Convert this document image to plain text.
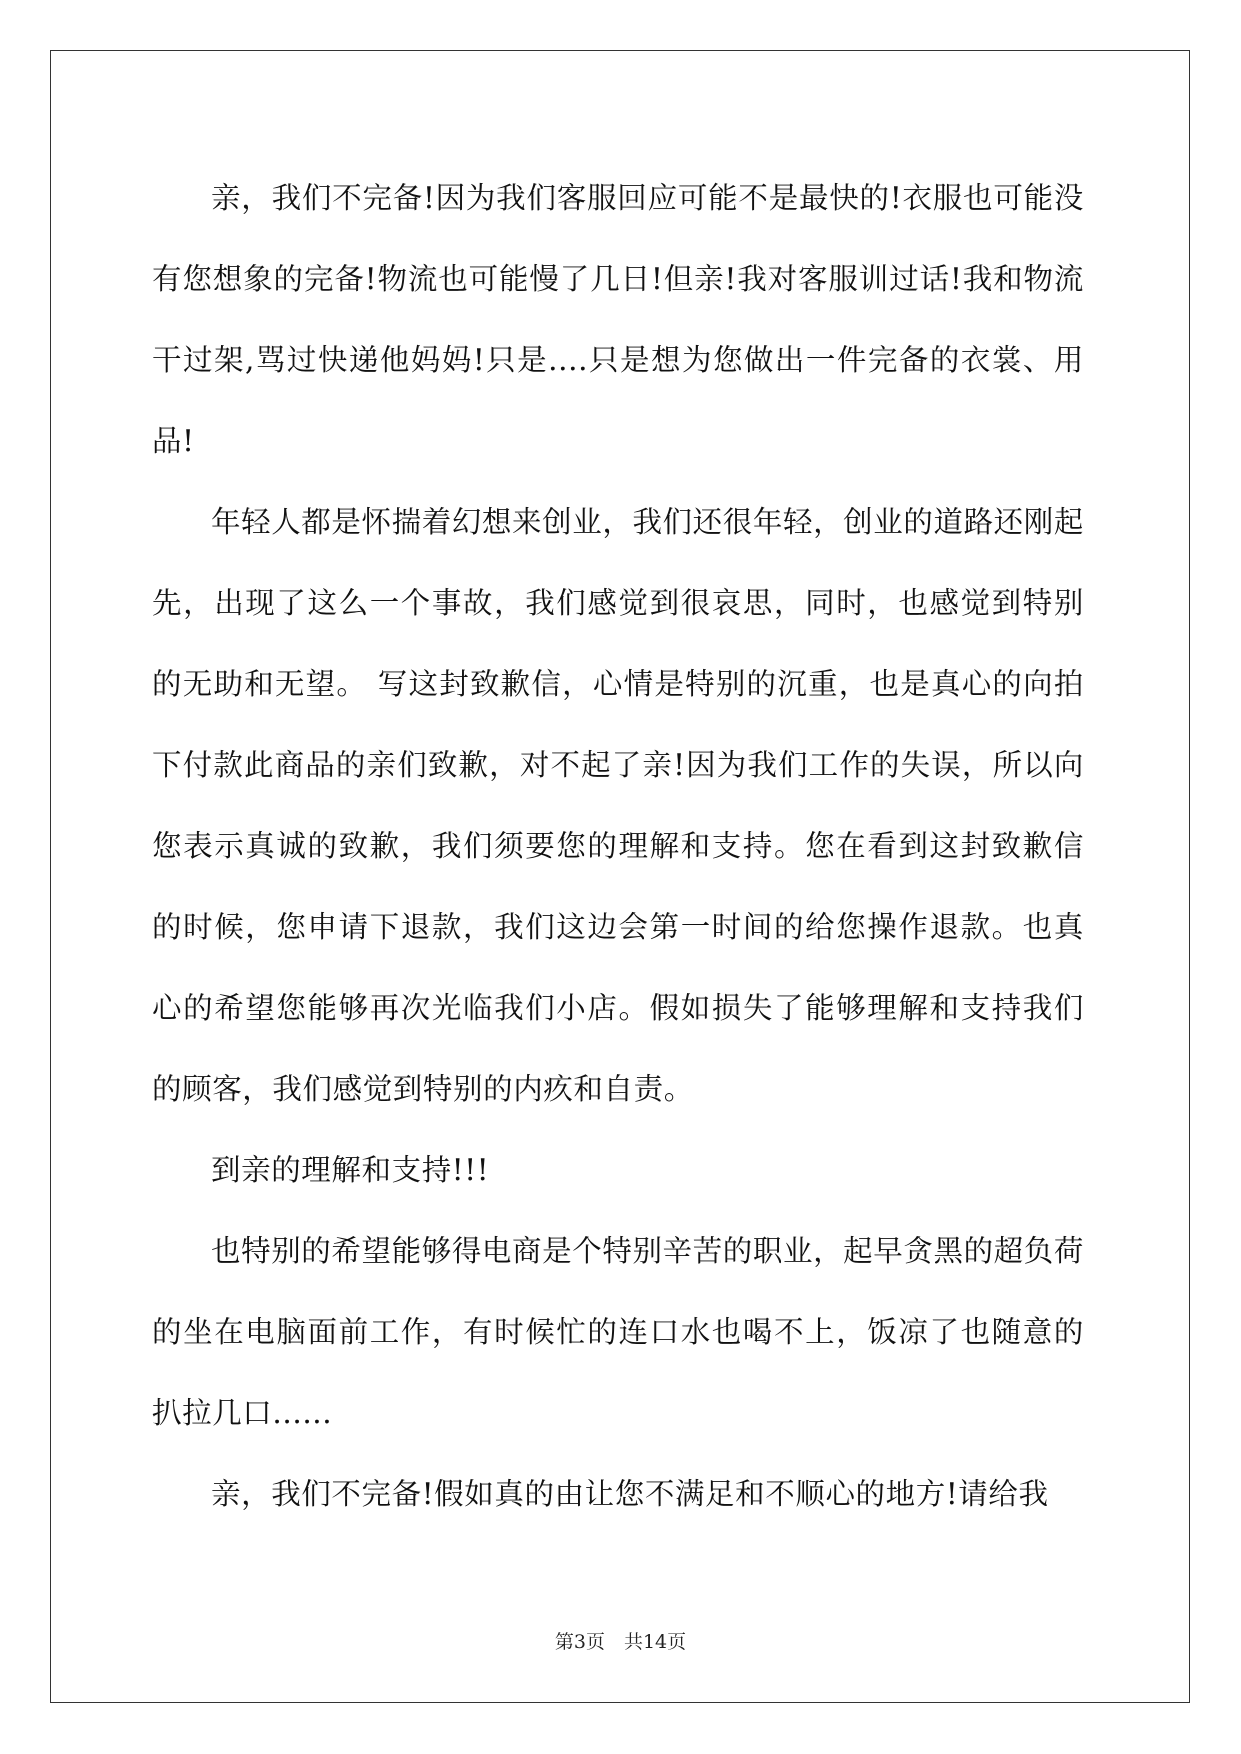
亲，我们不完备!因为我们客服回应可能不是最快的!衣服也可能没有您想象的完备!物流也可能慢了几日!但亲!我对客服训过话!我和物流干过架,骂过快递他妈妈!只是....只是想为您做出一件完备的衣裳、用品!

年轻人都是怀揣着幻想来创业，我们还很年轻，创业的道路还刚起先，出现了这么一个事故，我们感觉到很哀思，同时，也感觉到特别的无助和无望。 写这封致歉信，心情是特别的沉重，也是真心的向拍下付款此商品的亲们致歉，对不起了亲!因为我们工作的失误，所以向您表示真诚的致歉，我们须要您的理解和支持。您在看到这封致歉信的时候，您申请下退款，我们这边会第一时间的给您操作退款。也真心的希望您能够再次光临我们小店。假如损失了能够理解和支持我们的顾客，我们感觉到特别的内疚和自责。

到亲的理解和支持!!!

也特别的希望能够得电商是个特别辛苦的职业，起早贪黑的超负荷的坐在电脑面前工作，有时候忙的连口水也喝不上，饭凉了也随意的扒拉几口......

亲，我们不完备!假如真的由让您不满足和不顺心的地方!请给我

第3页　共14页
